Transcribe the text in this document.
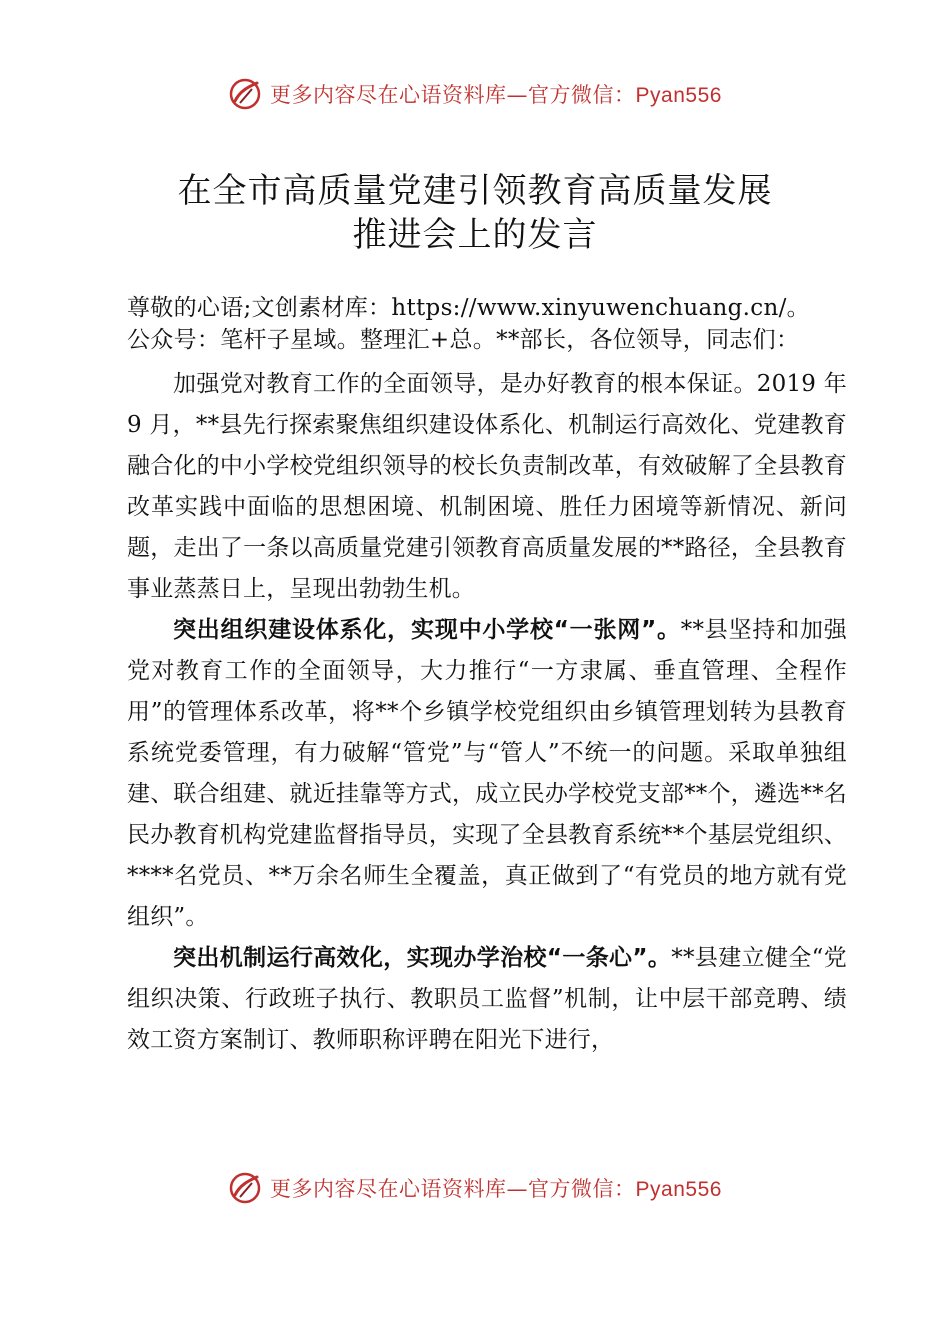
更多内容尽在心语资料库—官方微信：Pyan556
在全市高质量党建引领教育高质量发展
推进会上的发言
尊敬的心语;文创素材库：https://www.xinyuwenchuang.cn/。
公众号：笔杆子星域。整理汇+总。**部长，各位领导，同志们：

加强党对教育工作的全面领导，是办好教育的根本保证。2019 年 9 月，**县先行探索聚焦组织建设体系化、机制运行高效化、党建教育融合化的中小学校党组织领导的校长负责制改革，有效破解了全县教育改革实践中面临的思想困境、机制困境、胜任力困境等新情况、新问题，走出了一条以高质量党建引领教育高质量发展的**路径，全县教育事业蒸蒸日上，呈现出勃勃生机。

突出组织建设体系化，实现中小学校“一张网”。**县坚持和加强党对教育工作的全面领导，大力推行“一方隶属、垂直管理、全程作用”的管理体系改革，将**个乡镇学校党组织由乡镇管理划转为县教育系统党委管理，有力破解“管党”与“管人”不统一的问题。采取单独组建、联合组建、就近挂靠等方式，成立民办学校党支部**个，遴选**名民办教育机构党建监督指导员，实现了全县教育系统**个基层党组织、****名党员、**万余名师生全覆盖，真正做到了“有党员的地方就有党组织”。

突出机制运行高效化，实现办学治校“一条心”。**县建立健全“党组织决策、行政班子执行、教职员工监督”机制，让中层干部竞聘、绩效工资方案制订、教师职称评聘在阳光下进行，

更多内容尽在心语资料库—官方微信：Pyan556
